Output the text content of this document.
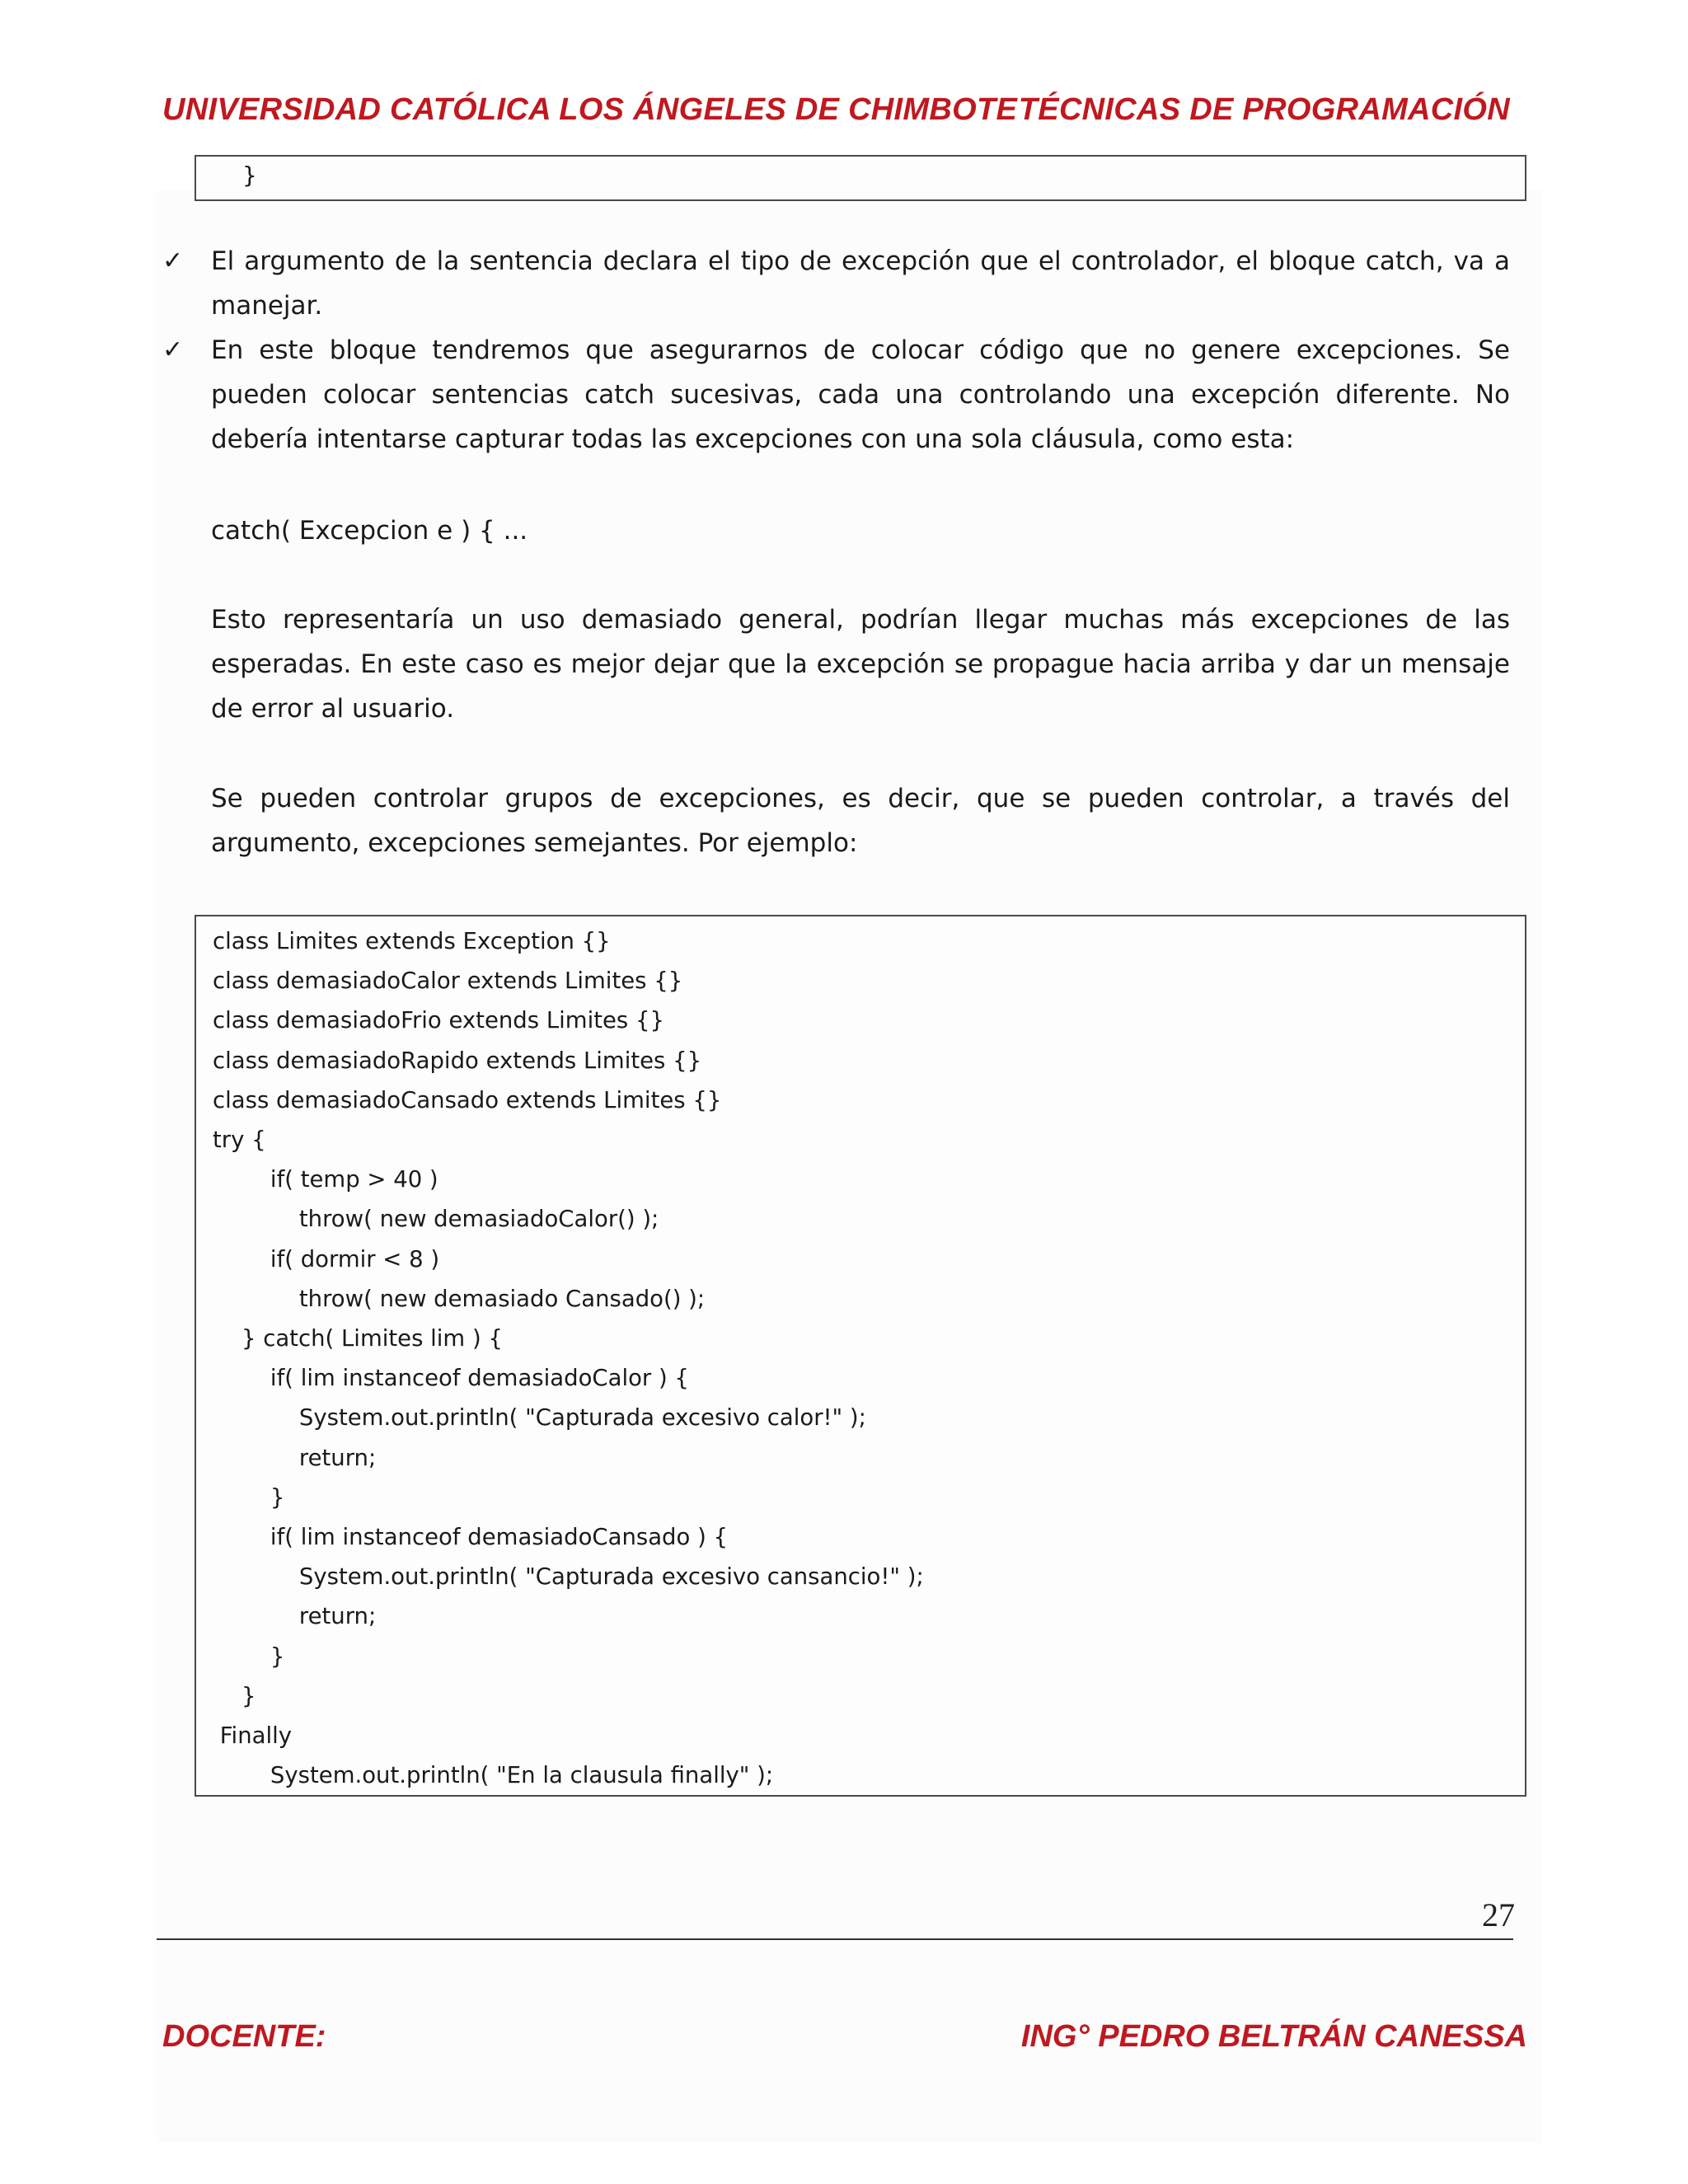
UNIVERSIDAD CATÓLICA LOS ÁNGELES DE CHIMBOTE TÉCNICAS DE PROGRAMACIÓN
}
✓ El argumento de la sentencia declara el tipo de excepción que el controlador, el bloque catch, va a manejar.
✓ En este bloque tendremos que asegurarnos de colocar código que no genere excepciones. Se pueden colocar sentencias catch sucesivas, cada una controlando una excepción diferente. No debería intentarse capturar todas las excepciones con una sola cláusula, como esta:
catch( Excepcion e ) { ...
Esto representaría un uso demasiado general, podrían llegar muchas más excepciones de las esperadas. En este caso es mejor dejar que la excepción se propague hacia arriba y dar un mensaje de error al usuario.
Se pueden controlar grupos de excepciones, es decir, que se pueden controlar, a través del argumento, excepciones semejantes. Por ejemplo:
class Limites extends Exception {}
class demasiadoCalor extends Limites {}
class demasiadoFrio extends Limites {}
class demasiadoRapido extends Limites {}
class demasiadoCansado extends Limites {}
try {
if( temp > 40 )
throw( new demasiadoCalor() );
if( dormir < 8 )
throw( new demasiado Cansado() );
} catch( Limites lim ) {
if( lim instanceof demasiadoCalor ) {
System.out.println( "Capturada excesivo calor!" );
return;
}
if( lim instanceof demasiadoCansado ) {
System.out.println( "Capturada excesivo cansancio!" );
return;
}
}
Finally
System.out.println( "En la clausula finally" );
27
DOCENTE:	ING° PEDRO BELTRÁN CANESSA
